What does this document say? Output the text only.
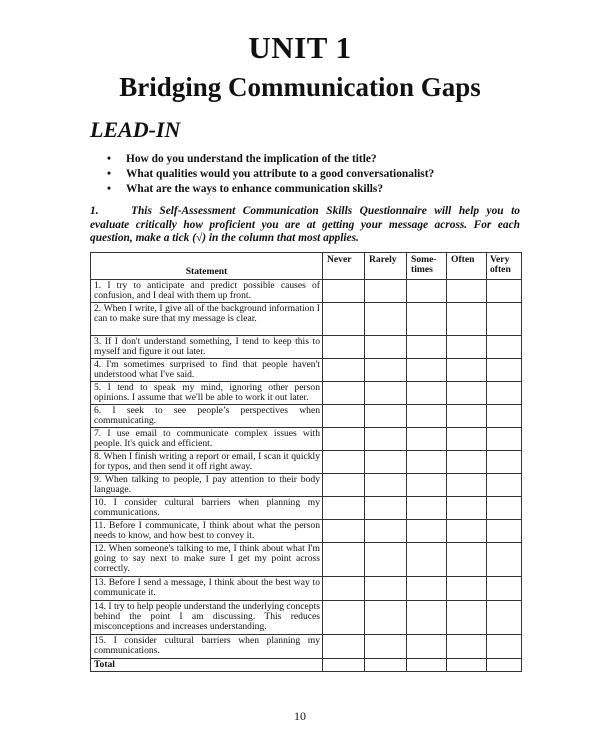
UNIT 1
Bridging Communication Gaps
LEAD-IN
• How do you understand the implication of the title?
• What qualities would you attribute to a good conversationalist?
• What are the ways to enhance communication skills?
1.	This Self-Assessment Communication Skills Questionnaire will help you to evaluate critically how proficient you are at getting your message across. For each question, make a tick (√) in the column that most applies.
Statement	Never	Rarely	Some-times	Often	Very often
1. I try to anticipate and predict possible causes of confusion, and I deal with them up front.					
2. When I write, I give all of the background information I can to make sure that my message is clear.					
3. If I don't understand something, I tend to keep this to myself and figure it out later.					
4. I'm sometimes surprised to find that people haven't understood what I've said.					
5. I tend to speak my mind, ignoring other person opinions. I assume that we'll be able to work it out later.					
6. I seek to see people’s perspectives when communicating.					
7. I use email to communicate complex issues with people. It's quick and efficient.					
8. When I finish writing a report or email, I scan it quickly for typos, and then send it off right away.					
9. When talking to people, I pay attention to their body language.					
10. I consider cultural barriers when planning my communications.					
11. Before I communicate, I think about what the person needs to know, and how best to convey it.					
12. When someone's talking to me, I think about what I'm going to say next to make sure I get my point across correctly.					
13. Before I send a message, I think about the best way to communicate it.					
14. I try to help people understand the underlying concepts behind the point I am discussing. This reduces misconceptions and increases understanding.					
15. I consider cultural barriers when planning my communications.					
Total					
10
